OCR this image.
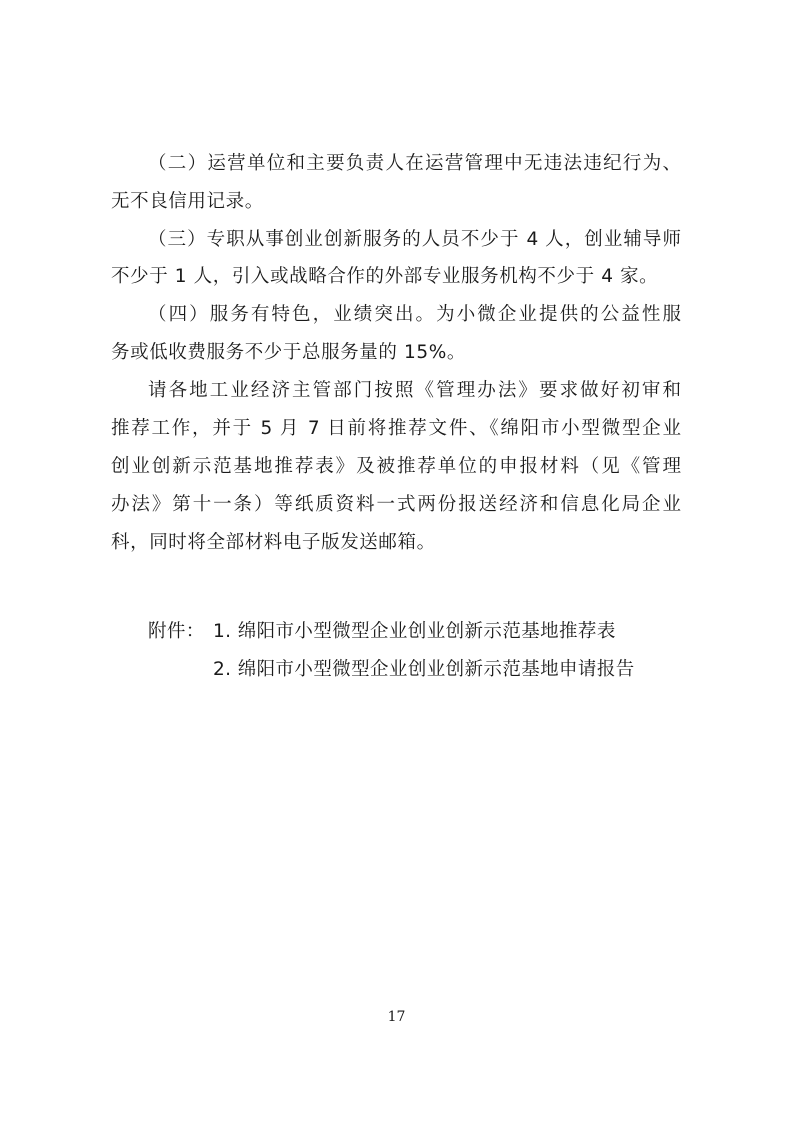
（二）运营单位和主要负责人在运营管理中无违法违纪行为、
无不良信用记录。
（三）专职从事创业创新服务的人员不少于 4 人，创业辅导师
不少于 1 人，引入或战略合作的外部专业服务机构不少于 4 家。
（四）服务有特色，业绩突出。为小微企业提供的公益性服
务或低收费服务不少于总服务量的 15%。
请各地工业经济主管部门按照《管理办法》要求做好初审和
推荐工作，并于 5 月 7 日前将推荐文件、《绵阳市小型微型企业
创业创新示范基地推荐表》及被推荐单位的申报材料（见《管理
办法》第十一条）等纸质资料一式两份报送经济和信息化局企业
科，同时将全部材料电子版发送邮箱。
附件： 1. 绵阳市小型微型企业创业创新示范基地推荐表
2. 绵阳市小型微型企业创业创新示范基地申请报告
17
